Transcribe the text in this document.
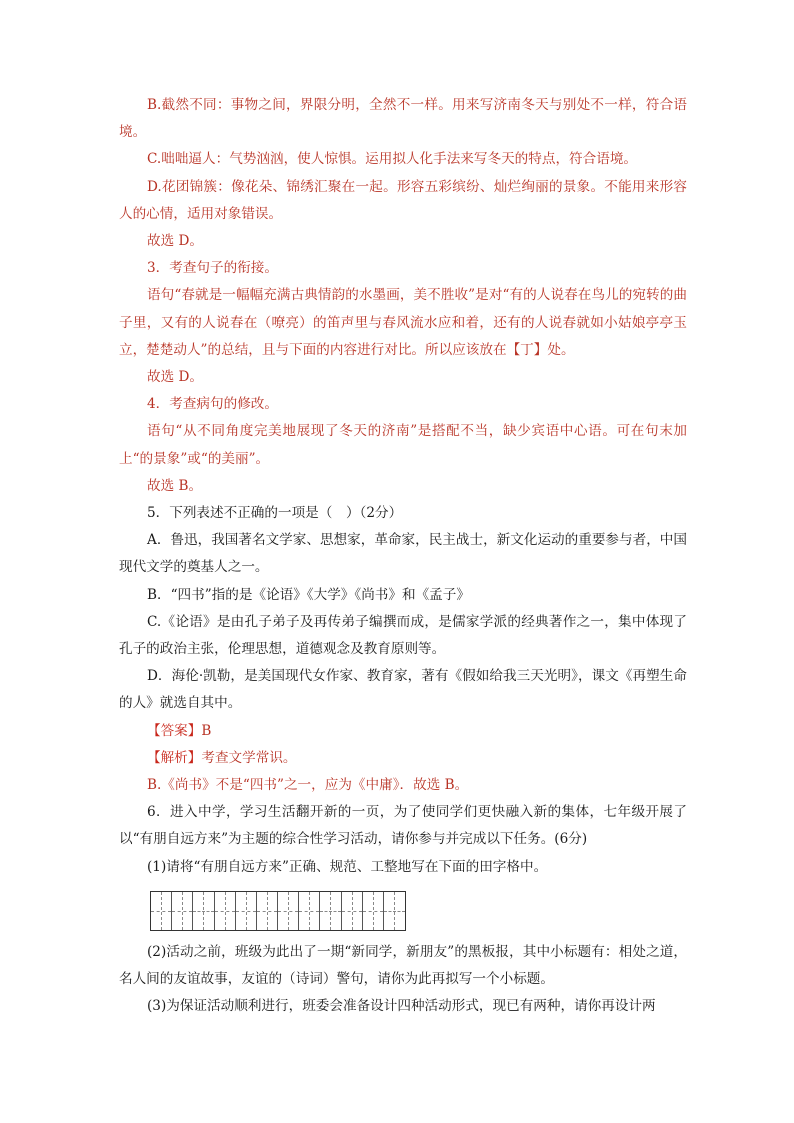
B.截然不同：事物之间，界限分明，全然不一样。用来写济南冬天与别处不一样，符合语境。

C.咄咄逼人：气势汹汹，使人惊惧。运用拟人化手法来写冬天的特点，符合语境。

D.花团锦簇：像花朵、锦绣汇聚在一起。形容五彩缤纷、灿烂绚丽的景象。不能用来形容人的心情，适用对象错误。

故选 D。

3．考查句子的衔接。

语句“春就是一幅幅充满古典情韵的水墨画，美不胜收”是对“有的人说春在鸟儿的宛转的曲子里，又有的人说春在（嘹亮）的笛声里与春风流水应和着，还有的人说春就如小姑娘亭亭玉立，楚楚动人”的总结，且与下面的内容进行对比。所以应该放在【丁】处。

故选 D。

4．考查病句的修改。

语句“从不同角度完美地展现了冬天的济南”是搭配不当，缺少宾语中心语。可在句末加上“的景象”或“的美丽”。

故选 B。

5．下列表述不正确的一项是（　）（2分）

A．鲁迅，我国著名文学家、思想家，革命家，民主战士，新文化运动的重要参与者，中国现代文学的奠基人之一。

B．“四书”指的是《论语》《大学》《尚书》和《孟子》

C.《论语》是由孔子弟子及再传弟子编撰而成，是儒家学派的经典著作之一，集中体现了孔子的政治主张，伦理思想，道德观念及教育原则等。

D．海伦·凯勒，是美国现代女作家、教育家，著有《假如给我三天光明》，课文《再塑生命的人》就选自其中。

【答案】B

【解析】考查文学常识。

B.《尚书》不是“四书”之一，应为《中庸》．故选 B。

6．进入中学，学习生活翻开新的一页，为了使同学们更快融入新的集体，七年级开展了以“有朋自远方来”为主题的综合性学习活动，请你参与并完成以下任务。(6分)

(1)请将“有朋自远方来”正确、规范、工整地写在下面的田字格中。

(2)活动之前，班级为此出了一期“新同学，新朋友”的黑板报，其中小标题有：相处之道，名人间的友谊故事，友谊的（诗词）警句，请你为此再拟写一个小标题。

(3)为保证活动顺利进行，班委会准备设计四种活动形式，现已有两种，请你再设计两
